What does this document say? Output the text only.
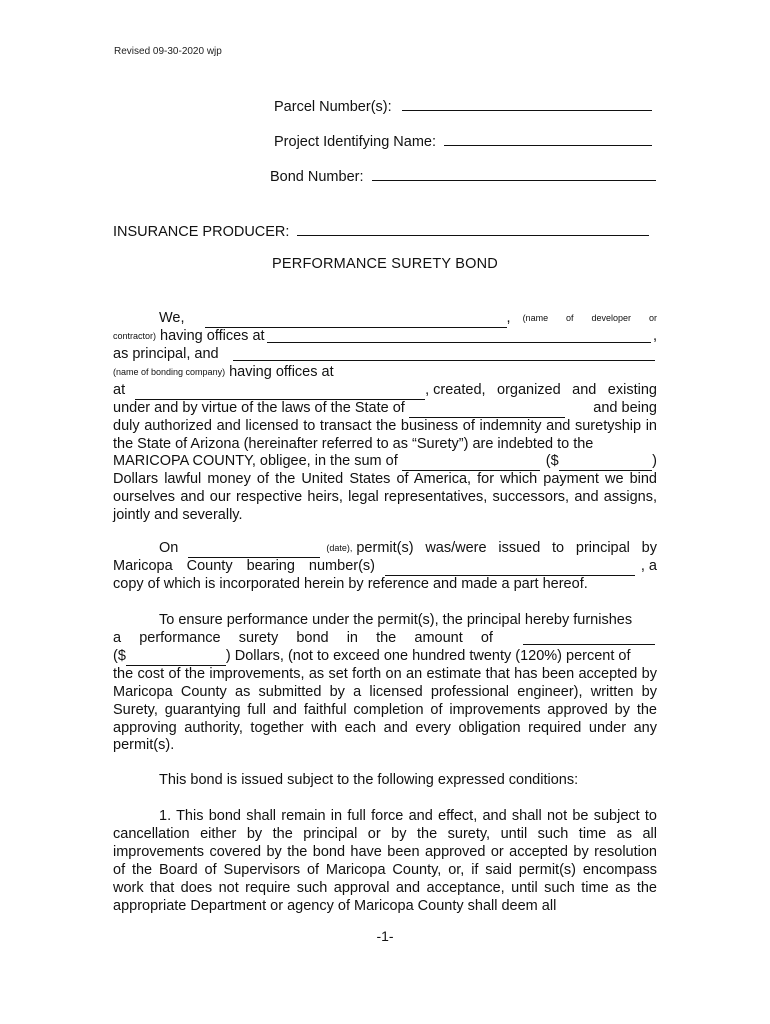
Revised 09-30-2020 wjp
Parcel Number(s):
Project Identifying Name:
Bond Number:
INSURANCE PRODUCER:
PERFORMANCE SURETY BOND
We,	, (name of developer or
contractor) having offices at	,
as principal, and
(name of bonding company) having offices at
at	, created, organized and existing
under and by virtue of the laws of the State of	and being

duly authorized and licensed to transact the business of indemnity and suretyship in the State of Arizona (hereinafter referred to as “Surety”) are indebted to the

MARICOPA COUNTY, obligee, in the sum of	($	)

Dollars lawful money of the United States of America, for which payment we bind ourselves and our respective heirs, legal representatives, successors, and assigns, jointly and severally.

On	(date), permit(s) was/were issued to principal by
Maricopa County bearing number(s)	, a

copy of which is incorporated herein by reference and made a part hereof.

To ensure performance under the permit(s), the principal hereby furnishes

a performance surety bond in the amount of
($	) Dollars, (not to exceed one hundred twenty (120%) percent of

the cost of the improvements, as set forth on an estimate that has been accepted by Maricopa County as submitted by a licensed professional engineer), written by Surety, guarantying full and faithful completion of improvements approved by the approving authority, together with each and every obligation required under any permit(s).

This bond is issued subject to the following expressed conditions:

1. This bond shall remain in full force and effect, and shall not be subject to cancellation either by the principal or by the surety, until such time as all improvements covered by the bond have been approved or accepted by resolution of the Board of Supervisors of Maricopa County, or, if said permit(s) encompass work that does not require such approval and acceptance, until such time as the appropriate Department or agency of Maricopa County shall deem all

-1-
